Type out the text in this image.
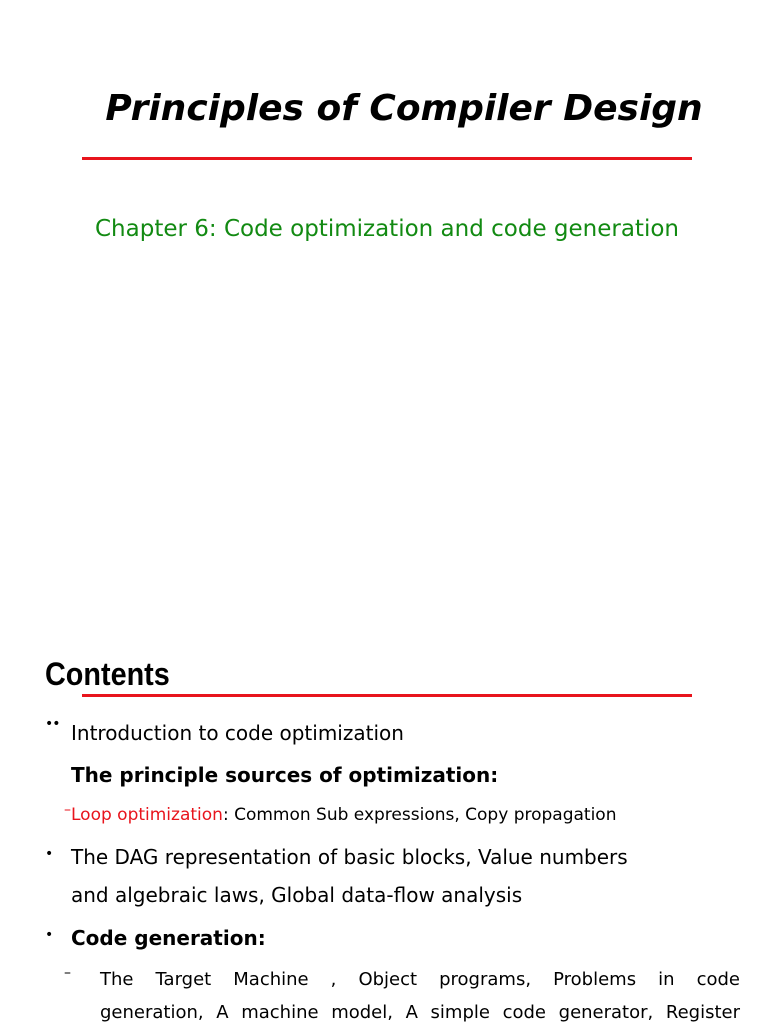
Principles of Compiler Design
Chapter 6: Code optimization and code generation
Contents
•• Introduction to code optimization
The principle sources of optimization:
– Loop optimization: Common Sub expressions, Copy propagation
• The DAG representation of basic blocks, Value numbers
and algebraic laws, Global data-flow analysis
• Code generation:
– The Target Machine , Object programs, Problems in code
generation, A machine model, A simple code generator, Register
